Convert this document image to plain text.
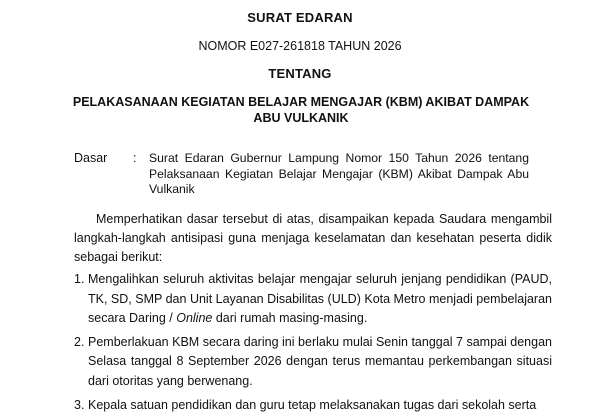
SURAT EDARAN
NOMOR E027-261818 TAHUN 2026
TENTANG
PELAKASANAAN KEGIATAN BELAJAR MENGAJAR (KBM) AKIBAT DAMPAK ABU VULKANIK
Dasar : Surat Edaran Gubernur Lampung Nomor 150 Tahun 2026 tentang Pelaksanaan Kegiatan Belajar Mengajar (KBM) Akibat Dampak Abu Vulkanik
Memperhatikan dasar tersebut di atas, disampaikan kepada Saudara mengambil langkah-langkah antisipasi guna menjaga keselamatan dan kesehatan peserta didik sebagai berikut:
1. Mengalihkan seluruh aktivitas belajar mengajar seluruh jenjang pendidikan (PAUD, TK, SD, SMP dan Unit Layanan Disabilitas (ULD) Kota Metro menjadi pembelajaran secara Daring / Online dari rumah masing-masing.
2. Pemberlakuan KBM secara daring ini berlaku mulai Senin tanggal 7 sampai dengan Selasa tanggal 8 September 2026 dengan terus memantau perkembangan situasi dari otoritas yang berwenang.
3. Kepala satuan pendidikan dan guru tetap melaksanakan tugas dari sekolah serta
